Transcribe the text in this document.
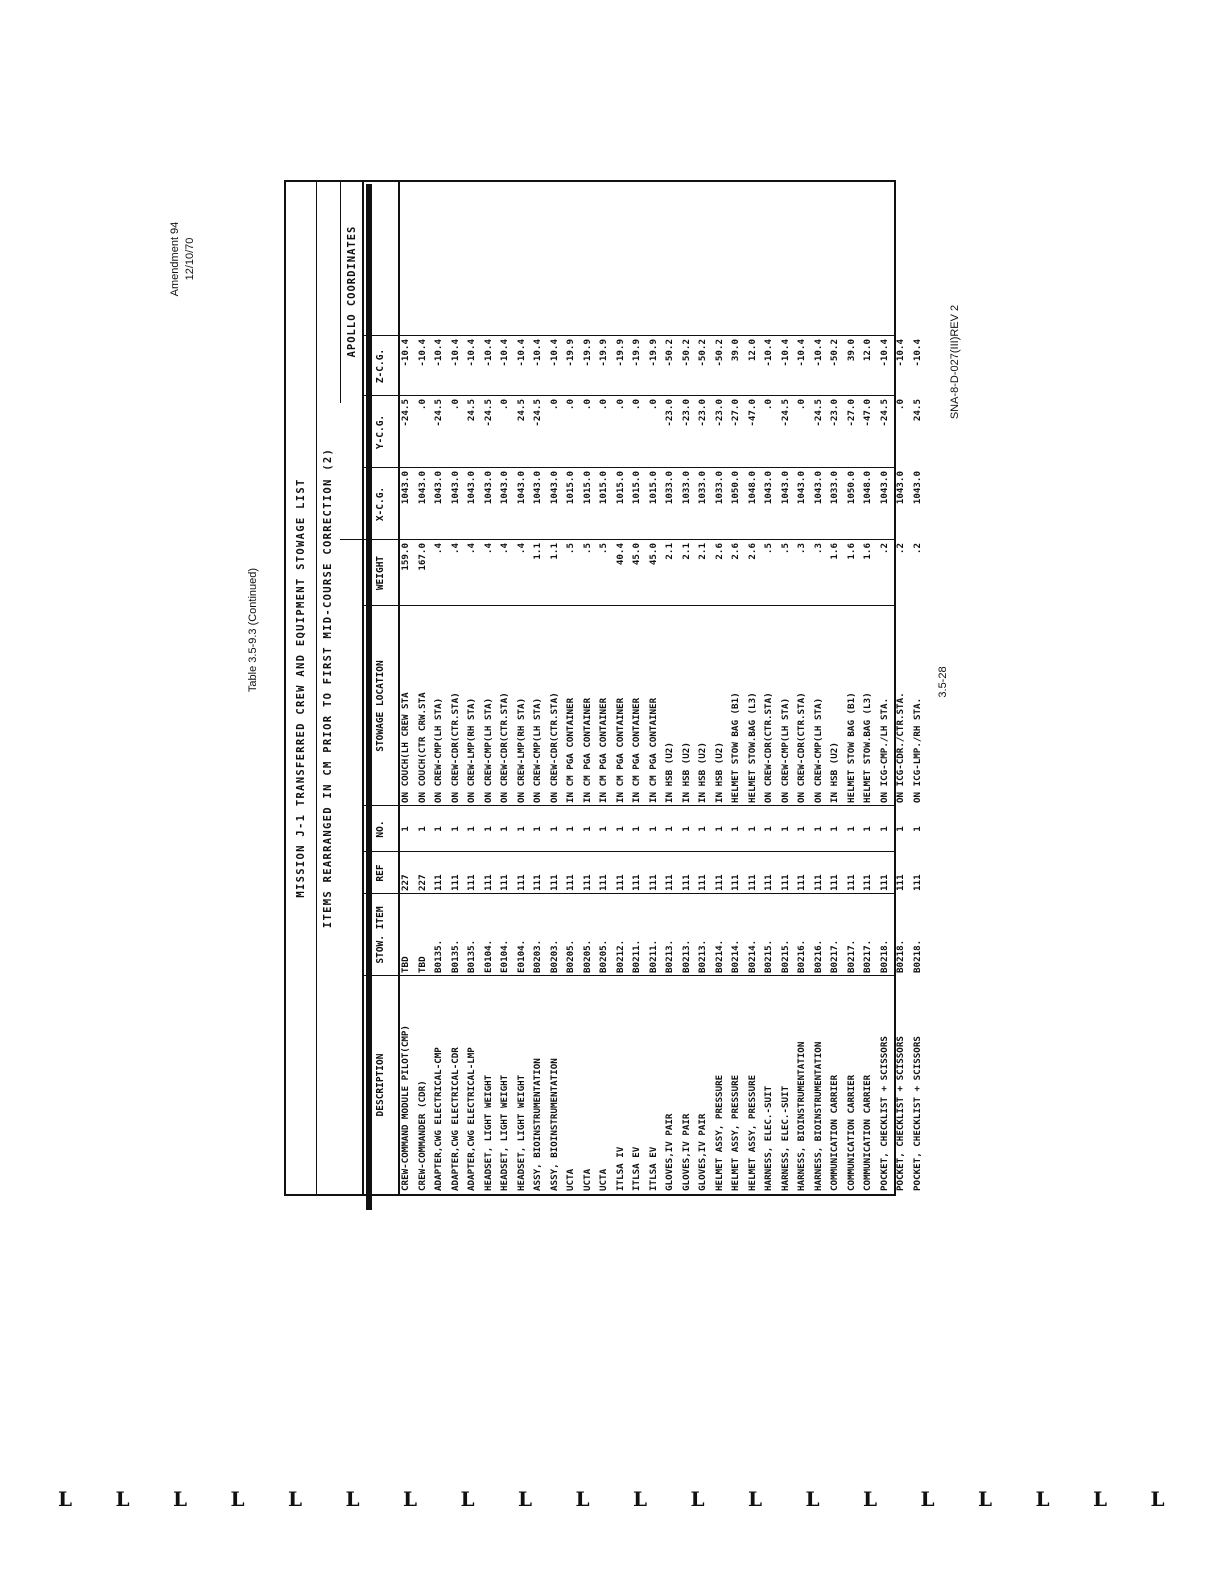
Amendment 94 12/10/70
Table 3.5-9.3 (Continued)	3.5-28
SNA-8-D-027(III)REV 2
MISSION J-1 TRANSFERRED CREW AND EQUIPMENT STOWAGE LIST	ITEMS REARRANGED IN CM PRIOR TO FIRST MID-COURSE CORRECTION (2)
APOLLO COORDINATES
DESCRIPTION
STOW. ITEM
REF
NO.
STOWAGE LOCATION
WEIGHT
X-C.G.
Y-C.G.
Z-C.G.
CREW-COMMAND MODULE PILOT(CMP)
TBD
227
1
ON COUCH(LH CREW STA
159.0
1043.0
-24.5
-10.4
CREW-COMMANDER (CDR)
TBD
227
1
ON COUCH(CTR CRW.STA
167.0
1043.0
.0
-10.4
ADAPTER,CWG ELECTRICAL-CMP
B0135.
111
1
ON CREW-CMP(LH STA)
.4
1043.0
-24.5
-10.4
ADAPTER,CWG ELECTRICAL-CDR
B0135.
111
1
ON CREW-CDR(CTR.STA)
.4
1043.0
.0
-10.4
ADAPTER,CWG ELECTRICAL-LMP
B0135.
111
1
ON CREW-LMP(RH STA)
.4
1043.0
24.5
-10.4
HEADSET, LIGHT WEIGHT
E0104.
111
1
ON CREW-CMP(LH STA)
.4
1043.0
-24.5
-10.4
HEADSET, LIGHT WEIGHT
E0104.
111
1
ON CREW-CDR(CTR.STA)
.4
1043.0
.0
-10.4
HEADSET, LIGHT WEIGHT
E0104.
111
1
ON CREW-LMP(RH STA)
.4
1043.0
24.5
-10.4
ASSY, BIOINSTRUMENTATION
B0203.
111
1
ON CREW-CMP(LH STA)
1.1
1043.0
-24.5
-10.4
ASSY, BIOINSTRUMENTATION
B0203.
111
1
ON CREW-CDR(CTR.STA)
1.1
1043.0
.0
-10.4
UCTA
B0205.
111
1
IN CM PGA CONTAINER
.5
1015.0
.0
-19.9
UCTA
B0205.
111
1
IN CM PGA CONTAINER
.5
1015.0
.0
-19.9
UCTA
B0205.
111
1
IN CM PGA CONTAINER
.5
1015.0
.0
-19.9
ITLSA IV
B0212.
111
1
IN CM PGA CONTAINER
40.4
1015.0
.0
-19.9
ITLSA EV
B0211.
111
1
IN CM PGA CONTAINER
45.0
1015.0
.0
-19.9
ITLSA EV
B0211.
111
1
IN CM PGA CONTAINER
45.0
1015.0
.0
-19.9
GLOVES,IV PAIR
B0213.
111
1
IN HSB (U2)
2.1
1033.0
-23.0
-50.2
GLOVES,IV PAIR
B0213.
111
1
IN HSB (U2)
2.1
1033.0
-23.0
-50.2
GLOVES,IV PAIR
B0213.
111
1
IN HSB (U2)
2.1
1033.0
-23.0
-50.2
HELMET ASSY, PRESSURE
B0214.
111
1
IN HSB (U2)
2.6
1033.0
-23.0
-50.2
HELMET ASSY, PRESSURE
B0214.
111
1
HELMET STOW BAG (B1)
2.6
1050.0
-27.0
39.0
HELMET ASSY, PRESSURE
B0214.
111
1
HELMET STOW.BAG (L3)
2.6
1048.0
-47.0
12.0
HARNESS, ELEC.-SUIT
B0215.
111
1
ON CREW-CDR(CTR.STA)
.5
1043.0
.0
-10.4
HARNESS, ELEC.-SUIT
B0215.
111
1
ON CREW-CMP(LH STA)
.5
1043.0
-24.5
-10.4
HARNESS, BIOINSTRUMENTATION
B0216.
111
1
ON CREW-CDR(CTR.STA)
.3
1043.0
.0
-10.4
HARNESS, BIOINSTRUMENTATION
B0216.
111
1
ON CREW-CMP(LH STA)
.3
1043.0
-24.5
-10.4
COMMUNICATION CARRIER
B0217.
111
1
IN HSB (U2)
1.6
1033.0
-23.0
-50.2
COMMUNICATION CARRIER
B0217.
111
1
HELMET STOW BAG (B1)
1.6
1050.0
-27.0
39.0
COMMUNICATION CARRIER
B0217.
111
1
HELMET STOW.BAG (L3)
1.6
1048.0
-47.0
12.0
POCKET, CHECKLIST + SCISSORS
B0218.
111
1
ON ICG-CMP./LH STA.
.2
1043.0
-24.5
-10.4
POCKET, CHECKLIST + SCISSORS
B0218.
111
1
ON ICG-CDR./CTR.STA.
.2
1043.0
.0
-10.4
POCKET, CHECKLIST + SCISSORS
B0218.
111
1
ON ICG-LMP./RH STA.
.2
1043.0
24.5
-10.4
L L L L L L L L L L L L L L L L L L L L
